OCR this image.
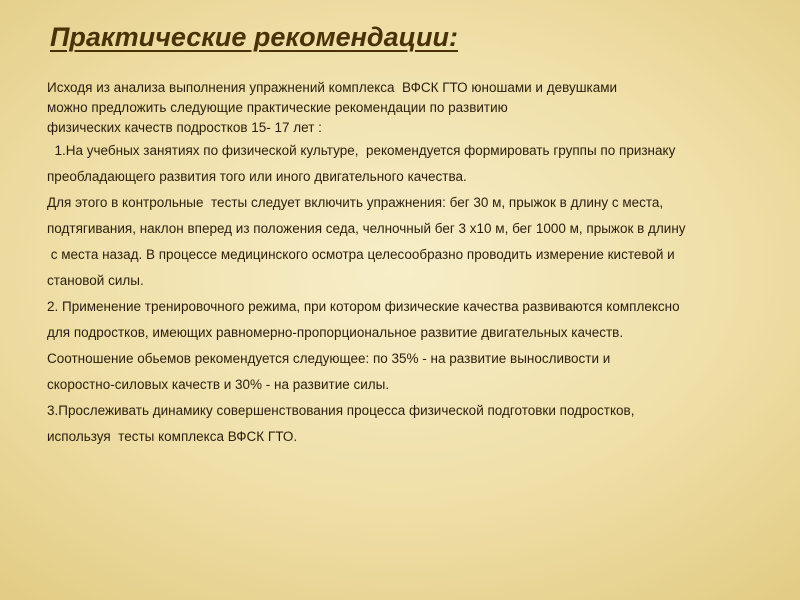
Практические рекомендации:
Исходя из анализа выполнения упражнений комплекса  ВФСК ГТО юношами и девушками
можно предложить следующие практические рекомендации по развитию
физических качеств подростков 15- 17 лет :
1.На учебных занятиях по физической культуре,  рекомендуется формировать группы по признаку
преобладающего развития того или иного двигательного качества.
Для этого в контрольные  тесты следует включить упражнения: бег 30 м, прыжок в длину с места,
подтягивания, наклон вперед из положения седа, челночный бег 3 х10 м, бег 1000 м, прыжок в длину
с места назад. В процессе медицинского осмотра целесообразно проводить измерение кистевой и
становой силы.
2. Применение тренировочного режима, при котором физические качества развиваются комплексно
для подростков, имеющих равномерно-пропорциональное развитие двигательных качеств.
Соотношение обьемов рекомендуется следующее: по 35% - на развитие выносливости и
скоростно-силовых качеств и 30% - на развитие силы.
3.Прослеживать динамику совершенствования процесса физической подготовки подростков,
используя  тесты комплекса ВФСК ГТО.
